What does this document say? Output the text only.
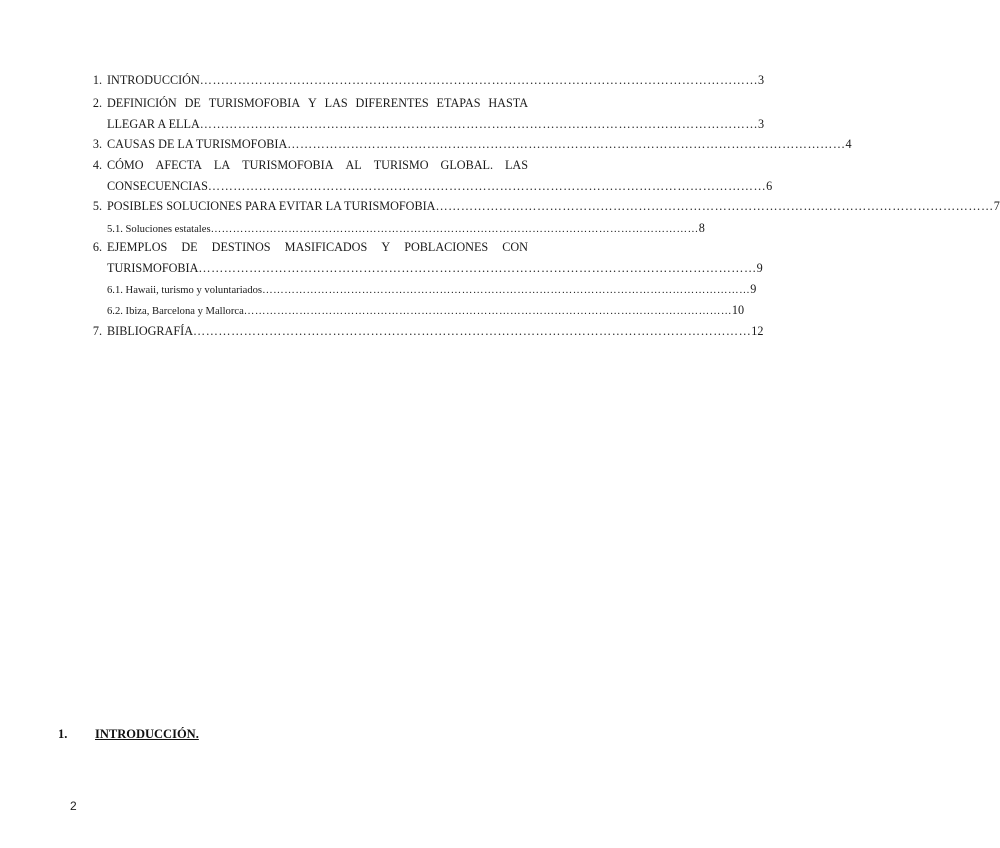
1. INTRODUCCIÓN …………………………………………………………………………………………………………………… 3
2. DEFINICIÓN DE TURISMOFOBIA Y LAS DIFERENTES ETAPAS HASTA
LLEGAR A ELLA …………………………………………………………………………………………………………………… 3
3. CAUSAS DE LA TURISMOFOBIA …………………………………………………………………………………………………………………… 4
4. CÓMO AFECTA LA TURISMOFOBIA AL TURISMO GLOBAL. LAS
CONSECUENCIAS …………………………………………………………………………………………………………………… 6
5. POSIBLES SOLUCIONES PARA EVITAR LA TURISMOFOBIA …………………………………………………………………………………………………………………… 7
5.1. Soluciones estatales …………………………………………………………………………………………………………………… 8
6. EJEMPLOS DE DESTINOS MASIFICADOS Y POBLACIONES CON
TURISMOFOBIA …………………………………………………………………………………………………………………… 9
6.1. Hawaii, turismo y voluntariados …………………………………………………………………………………………………………………… 9
6.2. Ibiza, Barcelona y Mallorca …………………………………………………………………………………………………………………… 10
7. BIBLIOGRAFÍA …………………………………………………………………………………………………………………… 12
1. INTRODUCCIÓN.
2
